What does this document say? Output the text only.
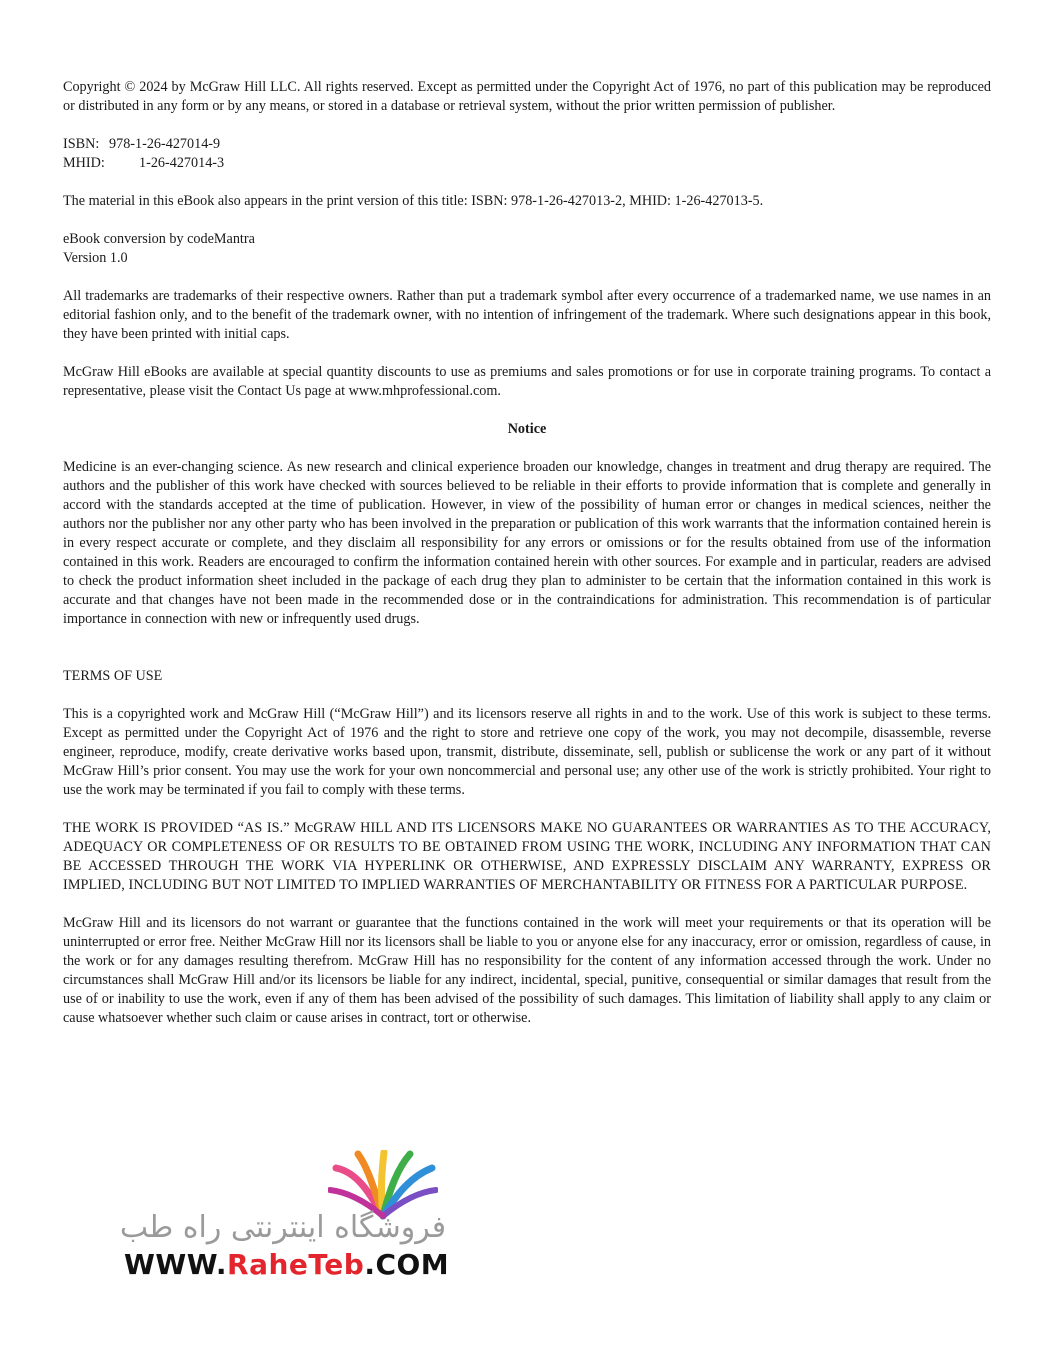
Copyright © 2024 by McGraw Hill LLC. All rights reserved. Except as permitted under the Copyright Act of 1976, no part of this publication may be reproduced or distributed in any form or by any means, or stored in a database or retrieval system, without the prior written permission of publisher.

ISBN: 978-1-26-427014-9
MHID: 1-26-427014-3

The material in this eBook also appears in the print version of this title: ISBN: 978-1-26-427013-2, MHID: 1-26-427013-5.

eBook conversion by codeMantra
Version 1.0

All trademarks are trademarks of their respective owners. Rather than put a trademark symbol after every occurrence of a trademarked name, we use names in an editorial fashion only, and to the benefit of the trademark owner, with no intention of infringement of the trademark. Where such designations appear in this book, they have been printed with initial caps.

McGraw Hill eBooks are available at special quantity discounts to use as premiums and sales promotions or for use in corporate training programs. To contact a representative, please visit the Contact Us page at www.mhprofessional.com.

Notice

Medicine is an ever-changing science. As new research and clinical experience broaden our knowledge, changes in treatment and drug therapy are required. The authors and the publisher of this work have checked with sources believed to be reliable in their efforts to provide information that is complete and generally in accord with the standards accepted at the time of publication. However, in view of the possibility of human error or changes in medical sciences, neither the authors nor the publisher nor any other party who has been involved in the preparation or publication of this work warrants that the information contained herein is in every respect accurate or complete, and they disclaim all responsibility for any errors or omissions or for the results obtained from use of the information contained in this work. Readers are encouraged to confirm the information contained herein with other sources. For example and in particular, readers are advised to check the product information sheet included in the package of each drug they plan to administer to be certain that the information contained in this work is accurate and that changes have not been made in the recommended dose or in the contraindications for administration. This recommendation is of particular importance in connection with new or infrequently used drugs.

TERMS OF USE

This is a copyrighted work and McGraw Hill (“McGraw Hill”) and its licensors reserve all rights in and to the work. Use of this work is subject to these terms. Except as permitted under the Copyright Act of 1976 and the right to store and retrieve one copy of the work, you may not decompile, disassemble, reverse engineer, reproduce, modify, create derivative works based upon, transmit, distribute, disseminate, sell, publish or sublicense the work or any part of it without McGraw Hill’s prior consent. You may use the work for your own noncommercial and personal use; any other use of the work is strictly prohibited. Your right to use the work may be terminated if you fail to comply with these terms.

THE WORK IS PROVIDED “AS IS.” McGRAW HILL AND ITS LICENSORS MAKE NO GUARANTEES OR WARRANTIES AS TO THE ACCURACY, ADEQUACY OR COMPLETENESS OF OR RESULTS TO BE OBTAINED FROM USING THE WORK, INCLUDING ANY INFORMATION THAT CAN BE ACCESSED THROUGH THE WORK VIA HYPERLINK OR OTHERWISE, AND EXPRESSLY DISCLAIM ANY WARRANTY, EXPRESS OR IMPLIED, INCLUDING BUT NOT LIMITED TO IMPLIED WARRANTIES OF MERCHANTABILITY OR FITNESS FOR A PARTICULAR PURPOSE.

McGraw Hill and its licensors do not warrant or guarantee that the functions contained in the work will meet your requirements or that its operation will be uninterrupted or error free. Neither McGraw Hill nor its licensors shall be liable to you or anyone else for any inaccuracy, error or omission, regardless of cause, in the work or for any damages resulting therefrom. McGraw Hill has no responsibility for the content of any information accessed through the work. Under no circumstances shall McGraw Hill and/or its licensors be liable for any indirect, incidental, special, punitive, consequential or similar damages that result from the use of or inability to use the work, even if any of them has been advised of the possibility of such damages. This limitation of liability shall apply to any claim or cause whatsoever whether such claim or cause arises in contract, tort or otherwise.

فروشگاه اینترنتی راه طب
WWW.RaheTeb.COM
